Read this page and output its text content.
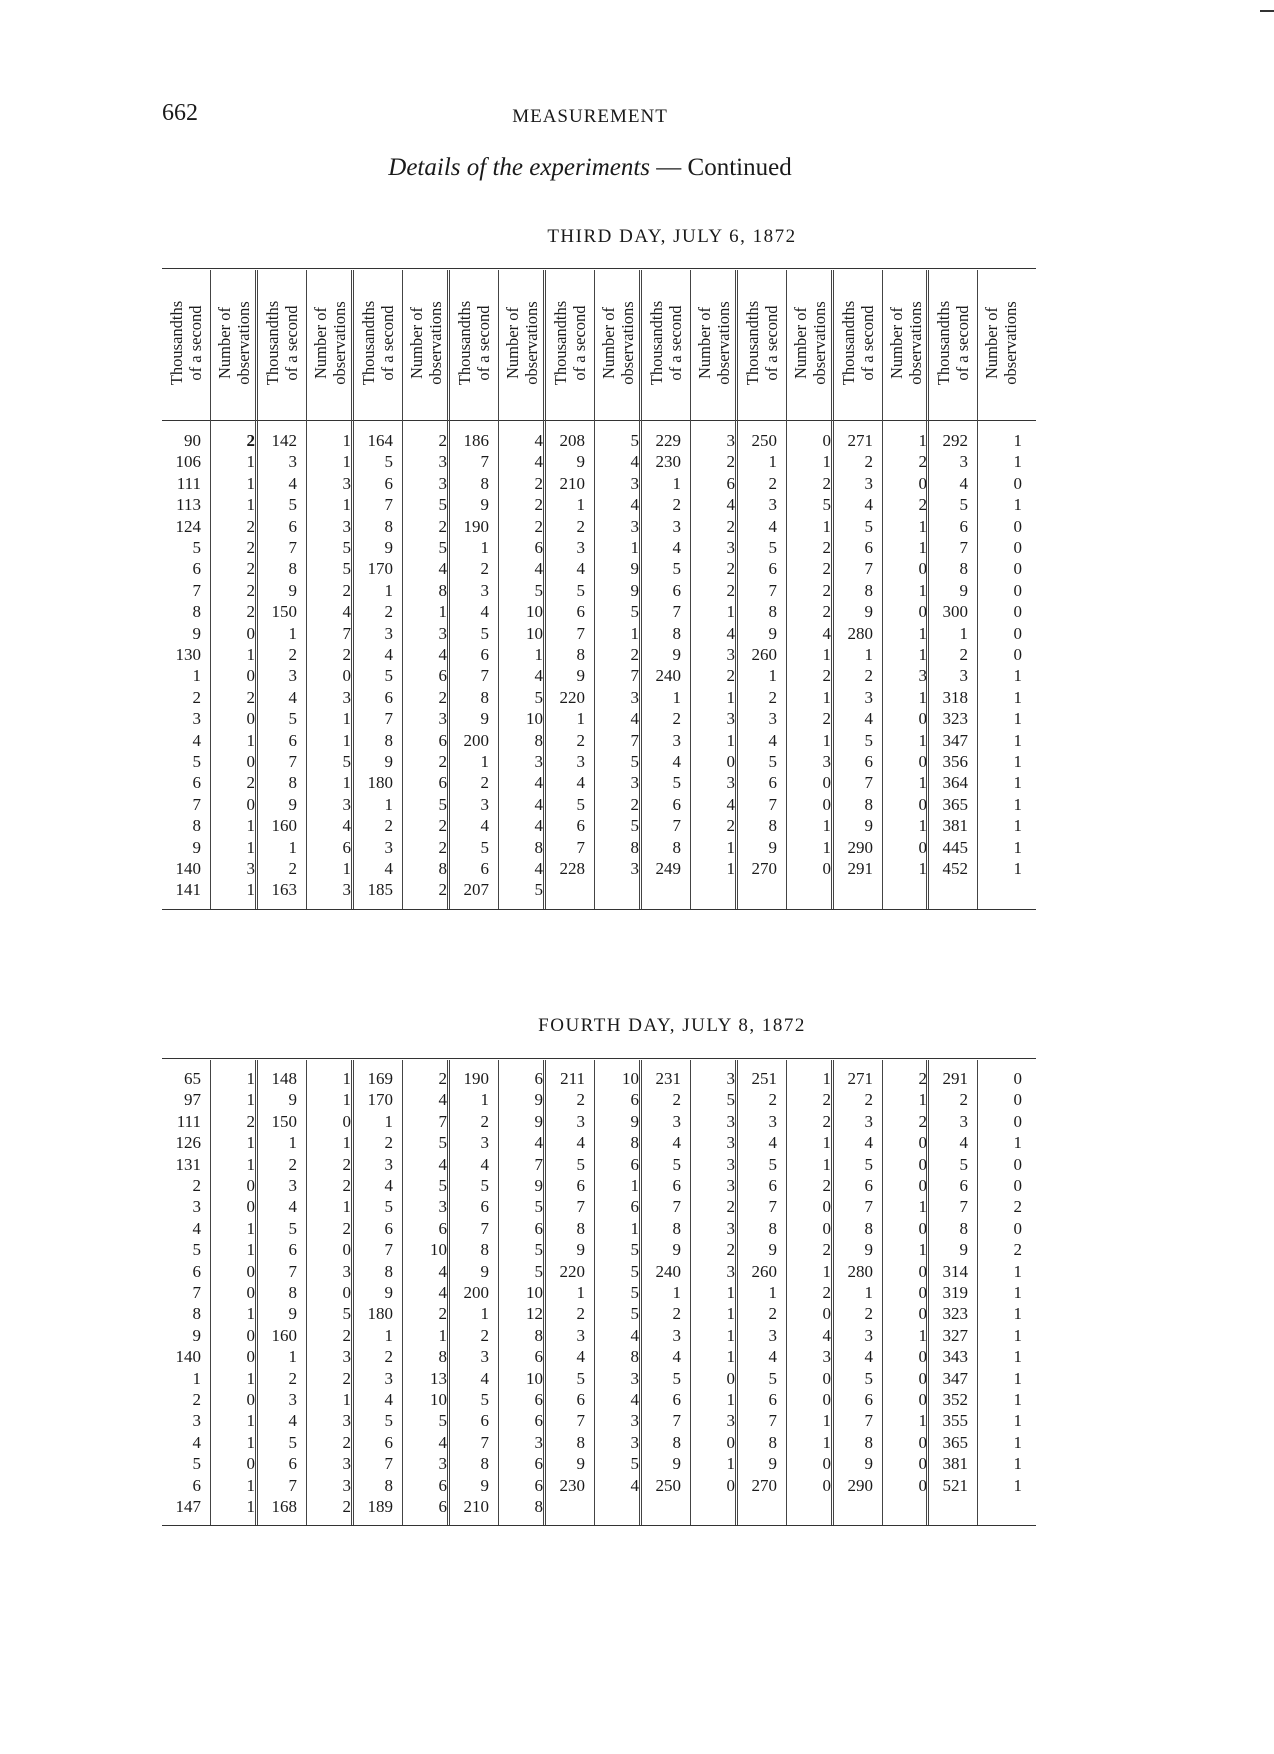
662	MEASUREMENT
Details of the experiments — Continued
THIRD DAY, JULY 6, 1872
FOURTH DAY, JULY 8, 1872
Thousandths
of a second Number of
observations Thousandths
of a second Number of
observations Thousandths
of a second Number of
observations Thousandths
of a second Number of
observations Thousandths
of a second Number of
observations Thousandths
of a second Number of
observations Thousandths
of a second Number of
observations Thousandths
of a second Number of
observations Thousandths
of a second Number of
observations
90
106
111
113
124
5
6
7
8
9
130
1
2
3
4
5
6
7
8
9
140
141
2
1
1
1
2
2
2
2
2
0
1
0
2
0
1
0
2
0
1
1
3
1
142
3
4
5
6
7
8
9
150
1
2
3
4
5
6
7
8
9
160
1
2
163
1
1
3
1
3
5
5
2
4
7
2
0
3
1
1
5
1
3
4
6
1
3
164
5
6
7
8
9
170
1
2
3
4
5
6
7
8
9
180
1
2
3
4
185
2
3
3
5
2
5
4
8
1
3
4
6
2
3
6
2
6
5
2
2
8
2
186
7
8
9
190
1
2
3
4
5
6
7
8
9
200
1
2
3
4
5
6
207
4
4
2
2
2
6
4
5
10
10
1
4
5
10
8
3
4
4
4
8
4
5
208
9
210
1
2
3
4
5
6
7
8
9
220
1
2
3
4
5
6
7
228
5
4
3
4
3
1
9
9
5
1
2
7
3
4
7
5
3
2
5
8
3
229
230
1
2
3
4
5
6
7
8
9
240
1
2
3
4
5
6
7
8
249
3
2
6
4
2
3
2
2
1
4
3
2
1
3
1
0
3
4
2
1
1
250
1
2
3
4
5
6
7
8
9
260
1
2
3
4
5
6
7
8
9
270
0
1
2
5
1
2
2
2
2
4
1
2
1
2
1
3
0
0
1
1
0
271
2
3
4
5
6
7
8
9
280
1
2
3
4
5
6
7
8
9
290
291
1
2
0
2
1
1
0
1
0
1
1
3
1
0
1
0
1
0
1
0
1
292
3
4
5
6
7
8
9
300
1
2
3
318
323
347
356
364
365
381
445
452
1
1
0
1
0
0
0
0
0
0
0
1
1
1
1
1
1
1
1
1
1
65
97
111
126
131
2
3
4
5
6
7
8
9
140
1
2
3
4
5
6
147
1
1
2
1
1
0
0
1
1
0
0
1
0
0
1
0
1
1
0
1
1
148
9
150
1
2
3
4
5
6
7
8
9
160
1
2
3
4
5
6
7
168
1
1
0
1
2
2
1
2
0
3
0
5
2
3
2
1
3
2
3
3
2
169
170
1
2
3
4
5
6
7
8
9
180
1
2
3
4
5
6
7
8
189
2
4
7
5
4
5
3
6
10
4
4
2
1
8
13
10
5
4
3
6
6
190
1
2
3
4
5
6
7
8
9
200
1
2
3
4
5
6
7
8
9
210
6
9
9
4
7
9
5
6
5
5
10
12
8
6
10
6
6
3
6
6
8
211
2
3
4
5
6
7
8
9
220
1
2
3
4
5
6
7
8
9
230
10
6
9
8
6
1
6
1
5
5
5
5
4
8
3
4
3
3
5
4
231
2
3
4
5
6
7
8
9
240
1
2
3
4
5
6
7
8
9
250
3
5
3
3
3
3
2
3
2
3
1
1
1
1
0
1
3
0
1
0
251
2
3
4
5
6
7
8
9
260
1
2
3
4
5
6
7
8
9
270
1
2
2
1
1
2
0
0
2
1
2
0
4
3
0
0
1
1
0
0
271
2
3
4
5
6
7
8
9
280
1
2
3
4
5
6
7
8
9
290
2
1
2
0
0
0
1
0
1
0
0
0
1
0
0
0
1
0
0
0
291
2
3
4
5
6
7
8
9
314
319
323
327
343
347
352
355
365
381
521
0
0
0
1
0
0
2
0
2
1
1
1
1
1
1
1
1
1
1
1
